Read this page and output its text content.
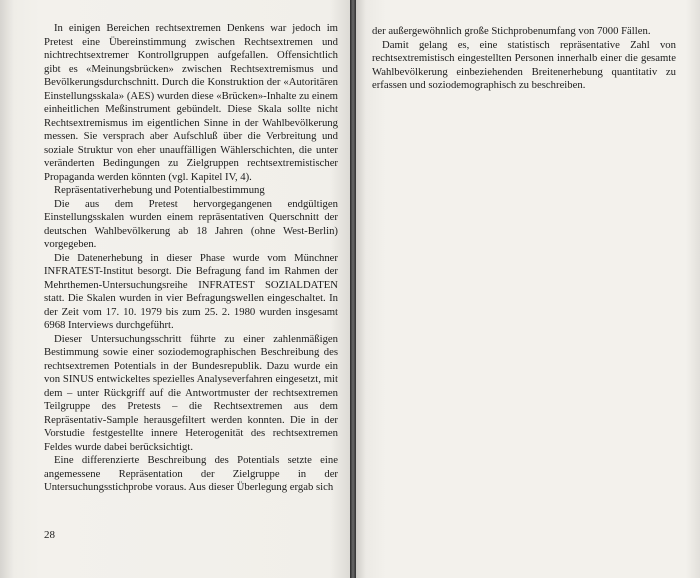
In einigen Bereichen rechtsextremen Denkens war jedoch im Pretest eine Übereinstimmung zwischen Rechtsextremen und nichtrechtsextremer Kontrollgruppen aufgefallen. Offensichtlich gibt es «Meinungsbrücken» zwischen Rechtsextremismus und Bevölkerungsdurchschnitt. Durch die Konstruktion der «Autoritären Einstellungsskala» (AES) wurden diese «Brücken»-Inhalte zu einem einheitlichen Meßinstrument gebündelt. Diese Skala sollte nicht Rechtsextremismus im eigentlichen Sinne in der Wahlbevölkerung messen. Sie versprach aber Aufschluß über die Verbreitung und soziale Struktur von eher unauffälligen Wählerschichten, die unter veränderten Bedingungen zu Zielgruppen rechtsextremistischer Propaganda werden könnten (vgl. Kapitel IV, 4).

Repräsentativerhebung und Potentialbestimmung

Die aus dem Pretest hervorgegangenen endgültigen Einstellungsskalen wurden einem repräsentativen Querschnitt der deutschen Wahlbevölkerung ab 18 Jahren (ohne West-Berlin) vorgegeben.

Die Datenerhebung in dieser Phase wurde vom Münchner INFRATEST-Institut besorgt. Die Befragung fand im Rahmen der Mehrthemen-Untersuchungsreihe INFRATEST SOZIALDATEN statt. Die Skalen wurden in vier Befragungswellen eingeschaltet. In der Zeit vom 17. 10. 1979 bis zum 25. 2. 1980 wurden insgesamt 6968 Interviews durchgeführt.

Dieser Untersuchungsschritt führte zu einer zahlenmäßigen Bestimmung sowie einer soziodemographischen Beschreibung des rechtsextremen Potentials in der Bundesrepublik. Dazu wurde ein von SINUS entwickeltes spezielles Analyseverfahren eingesetzt, mit dem – unter Rückgriff auf die Antwortmuster der rechtsextremen Teilgruppe des Pretests – die Rechtsextremen aus dem Repräsentativ-Sample herausgefiltert werden konnten. Die in der Vorstudie festgestellte innere Heterogenität des rechtsextremen Feldes wurde dabei berücksichtigt.

Eine differenzierte Beschreibung des Potentials setzte eine angemessene Repräsentation der Zielgruppe in der Untersuchungsstichprobe voraus. Aus dieser Überlegung ergab sich

28

der außergewöhnlich große Stichprobenumfang von 7000 Fällen.

Damit gelang es, eine statistisch repräsentative Zahl von rechtsextremistisch eingestellten Personen innerhalb einer die gesamte Wahlbevölkerung einbeziehenden Breitenerhebung quantitativ zu erfassen und soziodemographisch zu beschreiben.
